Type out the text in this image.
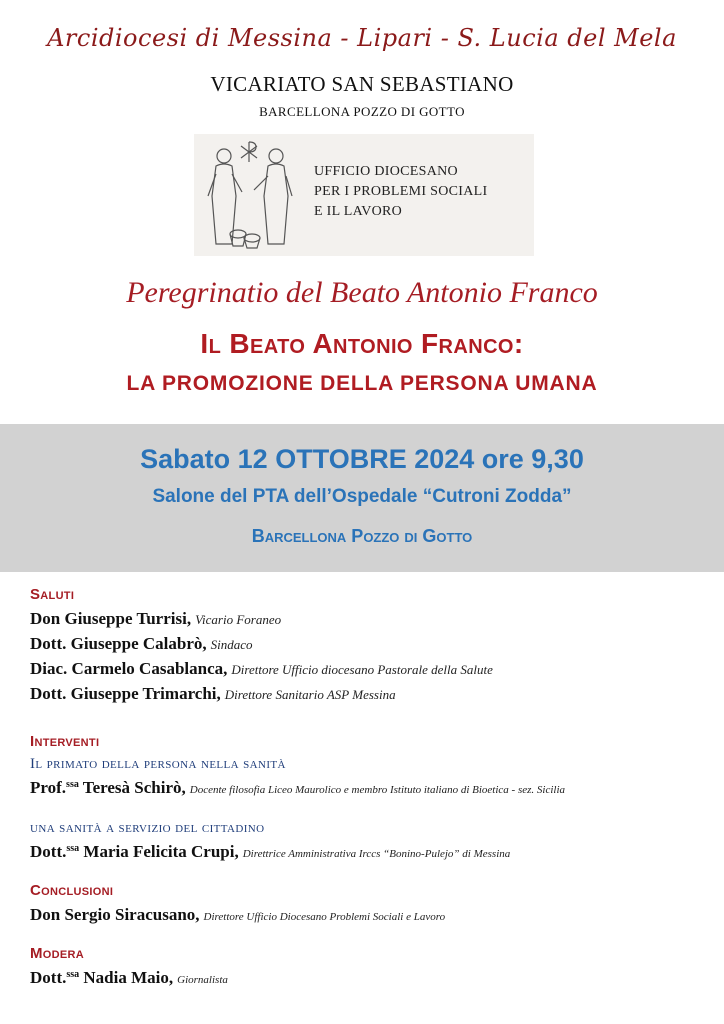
Arcidiocesi di Messina - Lipari - S. Lucia del Mela
VICARIATO SAN SEBASTIANO
BARCELLONA POZZO DI GOTTO
UFFICIO DIOCESANO
PER I PROBLEMI SOCIALI
E IL LAVORO
Peregrinatio del Beato Antonio Franco
Il Beato Antonio Franco:
LA PROMOZIONE DELLA PERSONA UMANA
Sabato 12 OTTOBRE 2024 ore 9,30
Salone del PTA dell’Ospedale “Cutroni Zodda”
Barcellona Pozzo di Gotto
Saluti
Don Giuseppe Turrisi, Vicario Foraneo
Dott. Giuseppe Calabrò, Sindaco
Diac. Carmelo Casablanca, Direttore Ufficio diocesano Pastorale della Salute
Dott. Giuseppe Trimarchi, Direttore Sanitario ASP Messina
Interventi
Il primato della persona nella sanità
Prof.$^{ssa}$ Teresà Schirò, Docente filosofia Liceo Maurolico e membro Istituto italiano di Bioetica - sez. Sicilia
una sanità a servizio del cittadino
Dott.$^{ssa}$ Maria Felicita Crupi, Direttrice Amministrativa Irccs “Bonino-Pulejo” di Messina
Conclusioni
Don Sergio Siracusano, Direttore Ufficio Diocesano Problemi Sociali e Lavoro
Modera
Dott.$^{ssa}$ Nadia Maio, Giornalista
